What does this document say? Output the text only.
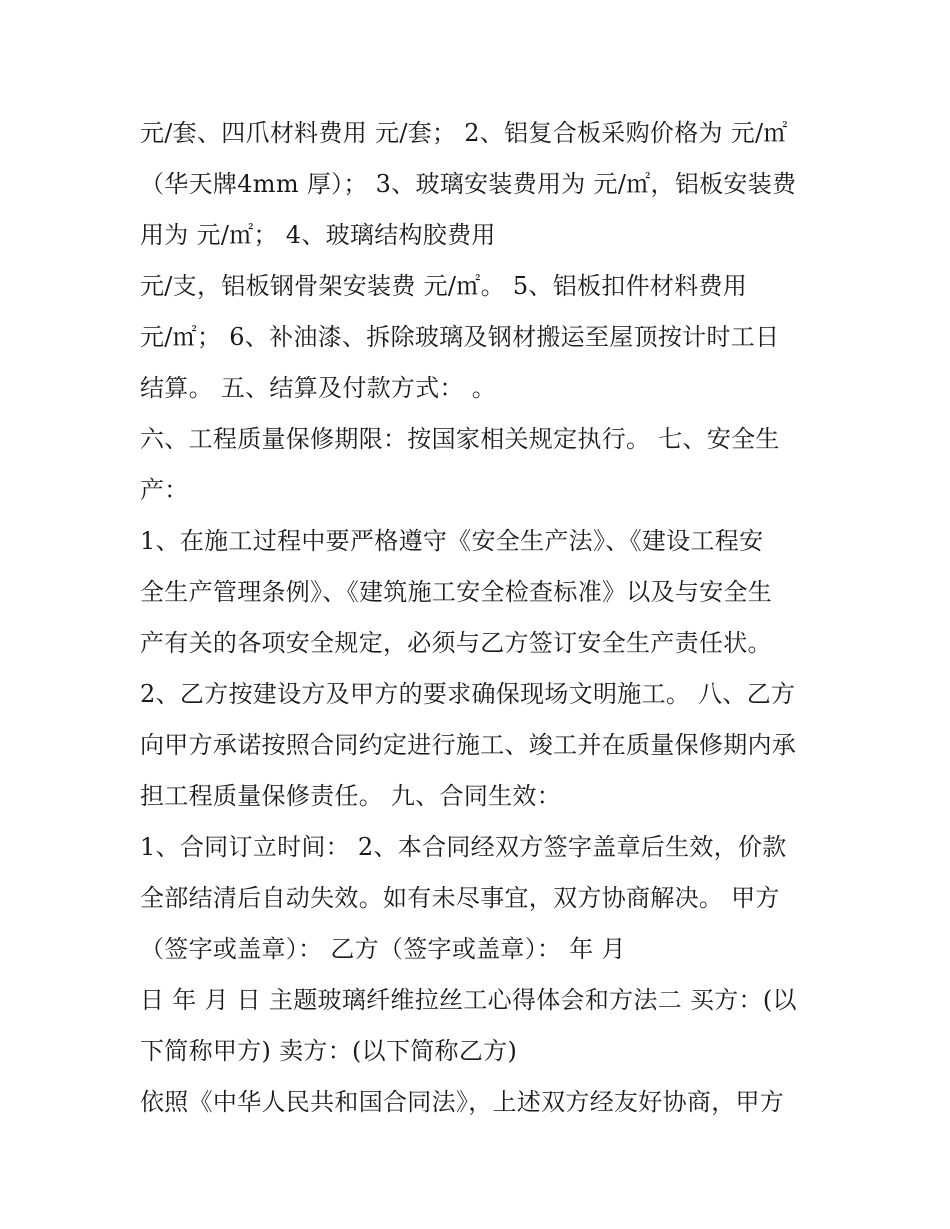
元/套、四爪材料费用 元/套； 2、铝复合板采购价格为 元/㎡
（华天牌4mm 厚）； 3、玻璃安装费用为 元/㎡，铝板安装费
用为 元/㎡； 4、玻璃结构胶费用
元/支，铝板钢骨架安装费 元/㎡。 5、铝板扣件材料费用
元/㎡； 6、补油漆、拆除玻璃及钢材搬运至屋顶按计时工日
结算。 五、结算及付款方式： 。
六、工程质量保修期限：按国家相关规定执行。 七、安全生
产：
1、在施工过程中要严格遵守《安全生产法》、《建设工程安
全生产管理条例》、《建筑施工安全检查标准》以及与安全生
产有关的各项安全规定，必须与乙方签订安全生产责任状。
2、乙方按建设方及甲方的要求确保现场文明施工。 八、乙方
向甲方承诺按照合同约定进行施工、竣工并在质量保修期内承
担工程质量保修责任。 九、合同生效：
1、合同订立时间： 2、本合同经双方签字盖章后生效，价款
全部结清后自动失效。如有未尽事宜，双方协商解决。 甲方
（签字或盖章）： 乙方（签字或盖章）： 年 月
日 年 月 日 主题玻璃纤维拉丝工心得体会和方法二 买方：(以
下简称甲方) 卖方：(以下简称乙方)
依照《中华人民共和国合同法》，上述双方经友好协商，甲方
